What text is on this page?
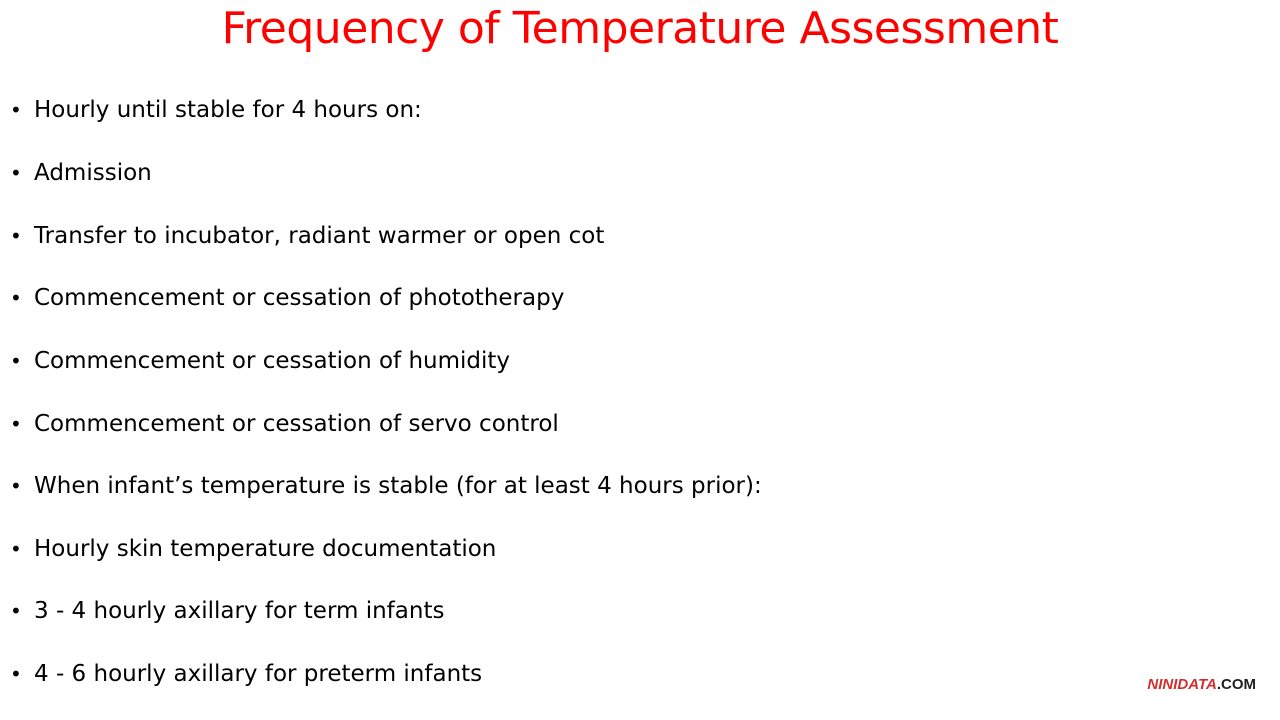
Frequency of Temperature Assessment
• Hourly until stable for 4 hours on:
• Admission
• Transfer to incubator, radiant warmer or open cot
• Commencement or cessation of phototherapy
• Commencement or cessation of humidity
• Commencement or cessation of servo control
• When infant’s temperature is stable (for at least 4 hours prior):
• Hourly skin temperature documentation
• 3 - 4 hourly axillary for term infants
• 4 - 6 hourly axillary for preterm infants	NINIDATA.COM
